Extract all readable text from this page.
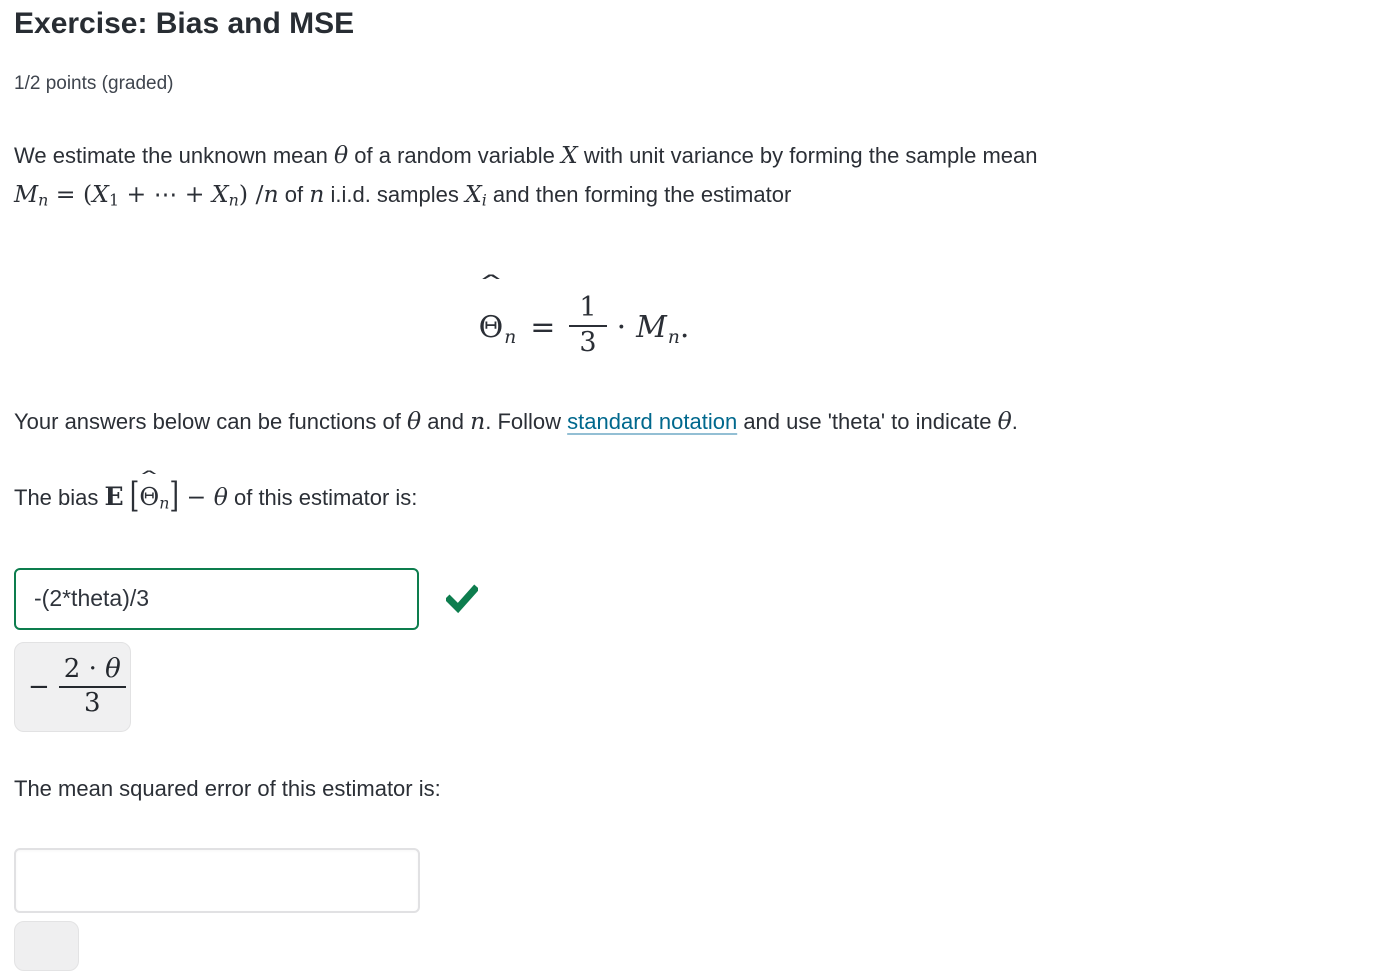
Exercise: Bias and MSE
1/2 points (graded)
We estimate the unknown mean θ of a random variable X with unit variance by forming the sample mean
Mn = (X1 + ⋯ + Xn) /n of n i.i.d. samples Xi and then forming the estimator
ˆ
$\Theta n = \frac{1}{3} \cdot Mn$.
Your answers below can be functions of θ and n. Follow standard notation and use 'theta' to indicate θ.
The bias E [
ˆ
Θn] − θ of this estimator is:
-(2*theta)/3
− $\frac{2 \cdot \theta}{3}$
The mean squared error of this estimator is:
